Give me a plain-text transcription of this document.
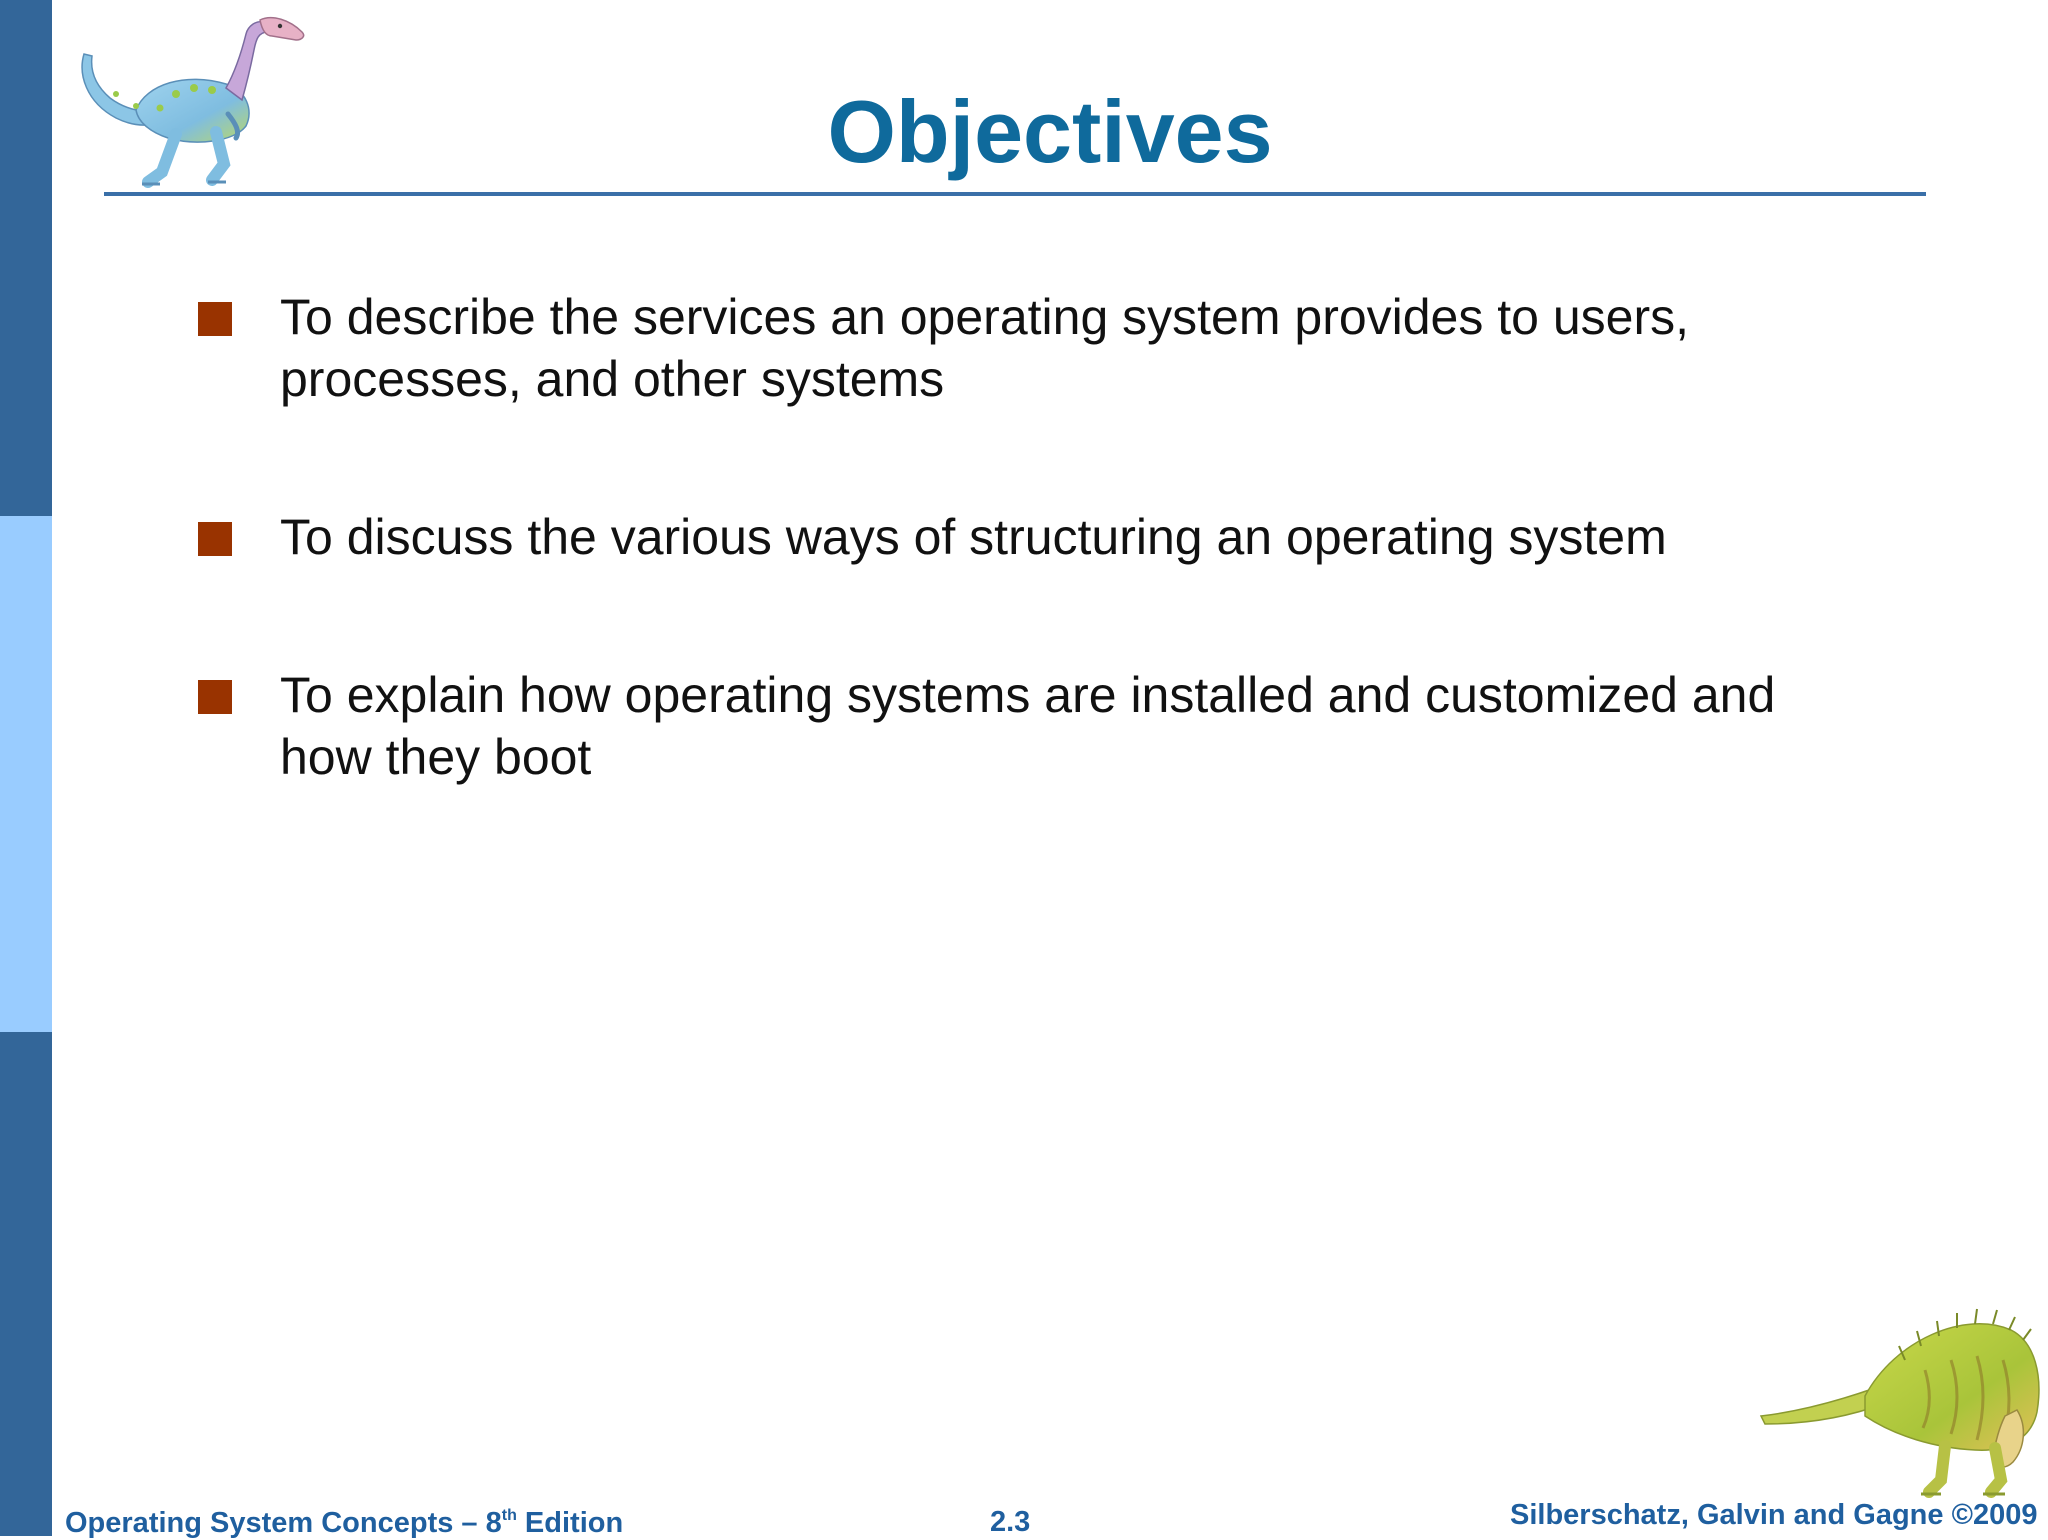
Objectives
To describe the services an operating system provides to users, processes, and other systems
To discuss the various ways of structuring an operating system
To explain how operating systems are installed and customized and how they boot
Operating System Concepts – 8th Edition	2.3	Silberschatz, Galvin and Gagne ©2009
